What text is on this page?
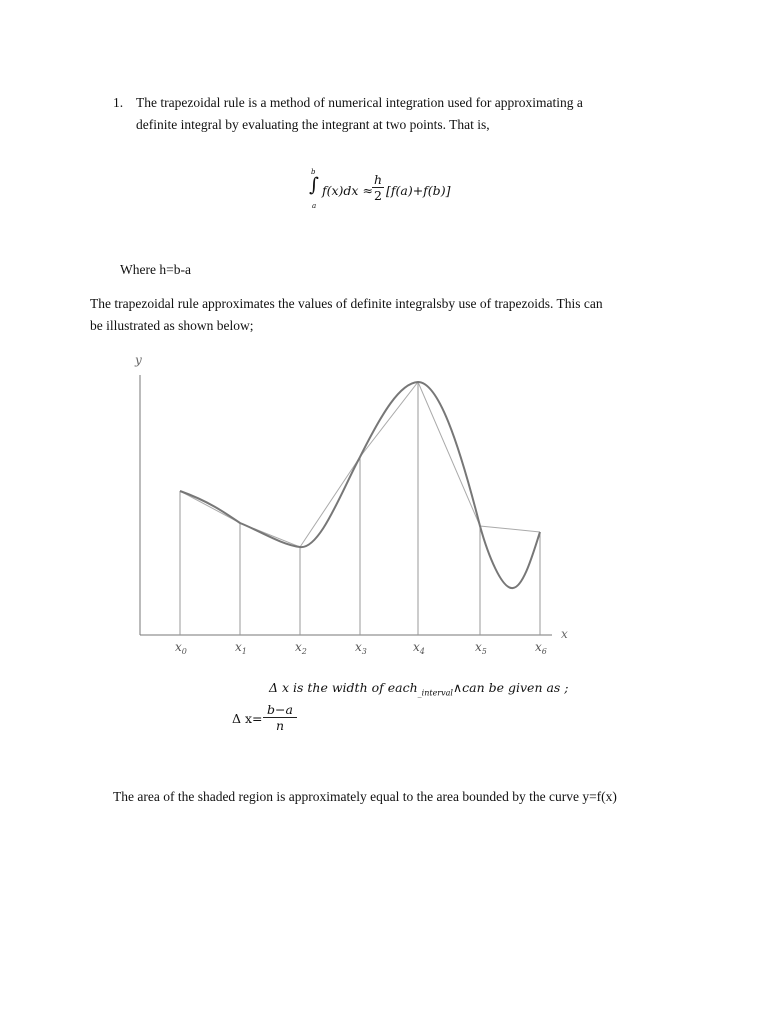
1. The trapezoidal rule is a method of numerical integration used for approximating a
definite integral by evaluating the integrant at two points. That is,
b
∫
a
$f(x)dx \approx \frac{h}{2} [f(a)+f(b)]$
Where h=b-a
The trapezoidal rule approximates the values of definite integralsby use of trapezoids. This can
be illustrated as shown below;
y
x
$x_0$	$x_1$	$x_2$	$x_3$	$x_4$	$x_5$	$x_6$
Δ x is the width of each$_{\_interval}$∧can be given as ;
Δ $x= \frac{b-a}{n}$
The area of the shaded region is approximately equal to the area bounded by the curve y=f(x)
